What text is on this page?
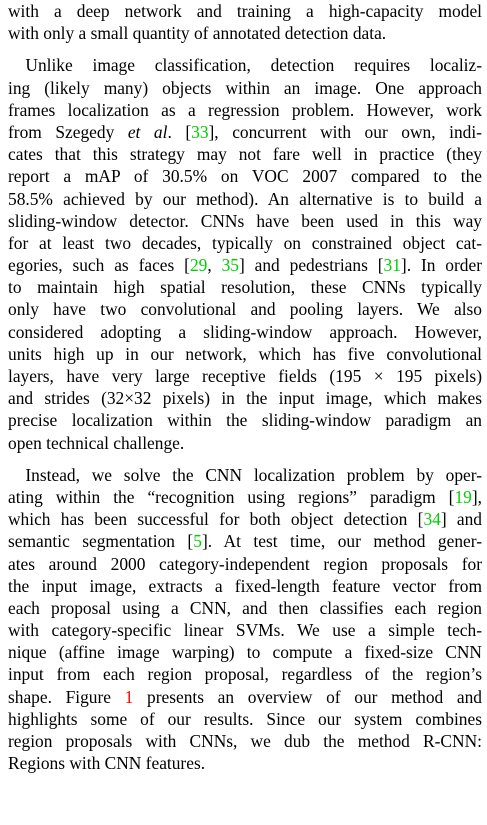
with a deep network and training a high-capacity model
with only a small quantity of annotated detection data.
 Unlike image classification, detection requires localiz-
ing (likely many) objects within an image. One approach
frames localization as a regression problem. However, work
from Szegedy et al. [33], concurrent with our own, indi-
cates that this strategy may not fare well in practice (they
report a mAP of 30.5% on VOC 2007 compared to the
58.5% achieved by our method). An alternative is to build a
sliding-window detector. CNNs have been used in this way
for at least two decades, typically on constrained object cat-
egories, such as faces [29, 35] and pedestrians [31]. In order
to maintain high spatial resolution, these CNNs typically
only have two convolutional and pooling layers. We also
considered adopting a sliding-window approach. However,
units high up in our network, which has five convolutional
layers, have very large receptive fields (195 × 195 pixels)
and strides (32×32 pixels) in the input image, which makes
precise localization within the sliding-window paradigm an
open technical challenge.
 Instead, we solve the CNN localization problem by oper-
ating within the “recognition using regions” paradigm [19],
which has been successful for both object detection [34] and
semantic segmentation [5]. At test time, our method gener-
ates around 2000 category-independent region proposals for
the input image, extracts a fixed-length feature vector from
each proposal using a CNN, and then classifies each region
with category-specific linear SVMs. We use a simple tech-
nique (affine image warping) to compute a fixed-size CNN
input from each region proposal, regardless of the region’s
shape. Figure 1 presents an overview of our method and
highlights some of our results. Since our system combines
region proposals with CNNs, we dub the method R-CNN:
Regions with CNN features.
